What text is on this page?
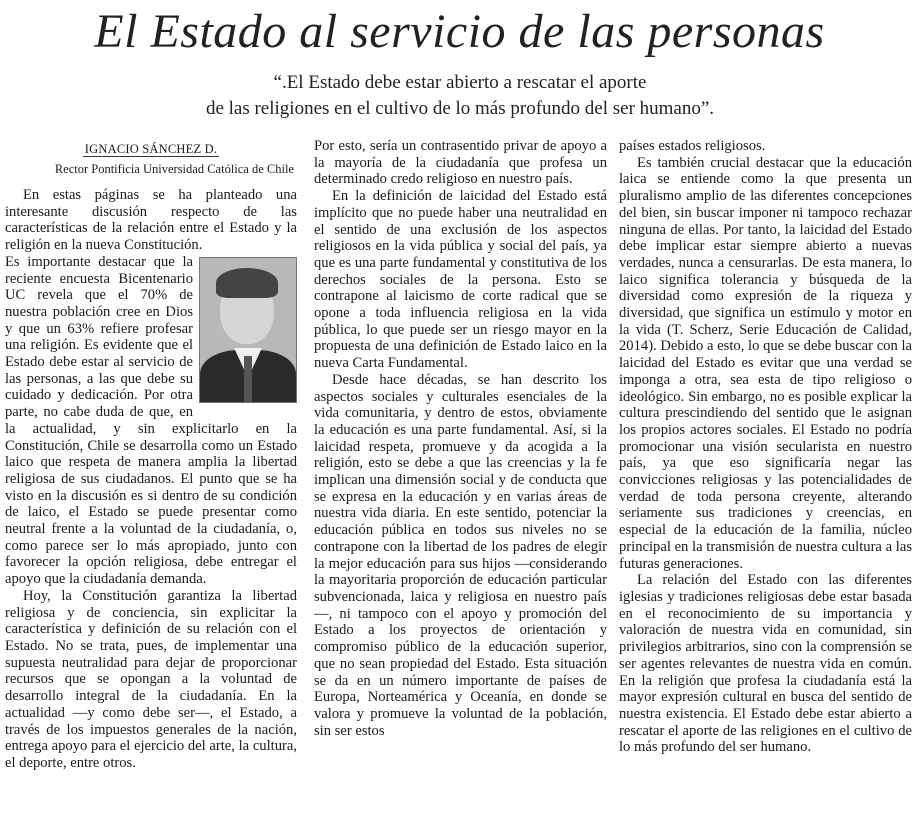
El Estado al servicio de las personas
“.El Estado debe estar abierto a rescatar el aporte
de las religiones en el cultivo de lo más profundo del ser humano”.
IGNACIO SÁNCHEZ D.
Rector Pontificia Universidad Católica de Chile

En estas páginas se ha planteado una interesante discusión respecto de las características de la relación entre el Estado y la religión en la nueva Constitución.

Es importante destacar que la reciente encuesta Bicentenario UC revela que el 70% de nuestra población cree en Dios y que un 63% refiere profesar una religión. Es evidente que el Estado debe estar al servicio de las personas, a las que debe su cuidado y dedicación. Por otra parte, no cabe duda de que, en la actualidad, y sin explicitarlo en la Constitución, Chile se desarrolla como un Estado laico que respeta de manera amplia la libertad religiosa de sus ciudadanos. El punto que se ha visto en la discusión es si dentro de su condición de laico, el Estado se puede presentar como neutral frente a la voluntad de la ciudadanía, o, como parece ser lo más apropiado, junto con favorecer la opción religiosa, debe entregar el apoyo que la ciudadanía demanda.

Hoy, la Constitución garantiza la libertad religiosa y de conciencia, sin explicitar la característica y definición de su relación con el Estado. No se trata, pues, de implementar una supuesta neutralidad para dejar de proporcionar recursos que se opongan a la voluntad de desarrollo integral de la ciudadanía. En la actualidad —y como debe ser—, el Estado, a través de los impuestos generales de la nación, entrega apoyo para el ejercicio del arte, la cultura, el deporte, entre otros.

Por esto, sería un contrasentido privar de apoyo a la mayoría de la ciudadanía que profesa un determinado credo religioso en nuestro país.

En la definición de laicidad del Estado está implícito que no puede haber una neutralidad en el sentido de una exclusión de los aspectos religiosos en la vida pública y social del país, ya que es una parte fundamental y constitutiva de los derechos sociales de la persona. Esto se contrapone al laicismo de corte radical que se opone a toda influencia religiosa en la vida pública, lo que puede ser un riesgo mayor en la propuesta de una definición de Estado laico en la nueva Carta Fundamental.

Desde hace décadas, se han descrito los aspectos sociales y culturales esenciales de la vida comunitaria, y dentro de estos, obviamente la educación es una parte fundamental. Así, si la laicidad respeta, promueve y da acogida a la religión, esto se debe a que las creencias y la fe implican una dimensión social y de conducta que se expresa en la educación y en varias áreas de nuestra vida diaria. En este sentido, potenciar la educación pública en todos sus niveles no se contrapone con la libertad de los padres de elegir la mejor educación para sus hijos —considerando la mayoritaria proporción de educación particular subvencionada, laica y religiosa en nuestro país—, ni tampoco con el apoyo y promoción del Estado a los proyectos de orientación y compromiso público de la educación superior, que no sean propiedad del Estado. Esta situación se da en un número importante de países de Europa, Norteamérica y Oceanía, en donde se valora y promueve la voluntad de la población, sin ser estos

países estados religiosos.

Es también crucial destacar que la educación laica se entiende como la que presenta un pluralismo amplio de las diferentes concepciones del bien, sin buscar imponer ni tampoco rechazar ninguna de ellas. Por tanto, la laicidad del Estado debe implicar estar siempre abierto a nuevas verdades, nunca a censurarlas. De esta manera, lo laico significa tolerancia y búsqueda de la diversidad como expresión de la riqueza y diversidad, que significa un estímulo y motor en la vida (T. Scherz, Serie Educación de Calidad, 2014). Debido a esto, lo que se debe buscar con la laicidad del Estado es evitar que una verdad se imponga a otra, sea esta de tipo religioso o ideológico. Sin embargo, no es posible explicar la cultura prescindiendo del sentido que le asignan los propios actores sociales. El Estado no podría promocionar una visión secularista en nuestro país, ya que eso significaría negar las convicciones religiosas y las potencialidades de verdad de toda persona creyente, alterando seriamente sus tradiciones y creencias, en especial de la educación de la familia, núcleo principal en la transmisión de nuestra cultura a las futuras generaciones.

La relación del Estado con las diferentes iglesias y tradiciones religiosas debe estar basada en el reconocimiento de su importancia y valoración de nuestra vida en comunidad, sin privilegios arbitrarios, sino con la comprensión se ser agentes relevantes de nuestra vida en común. En la religión que profesa la ciudadanía está la mayor expresión cultural en busca del sentido de nuestra existencia. El Estado debe estar abierto a rescatar el aporte de las religiones en el cultivo de lo más profundo del ser humano.
